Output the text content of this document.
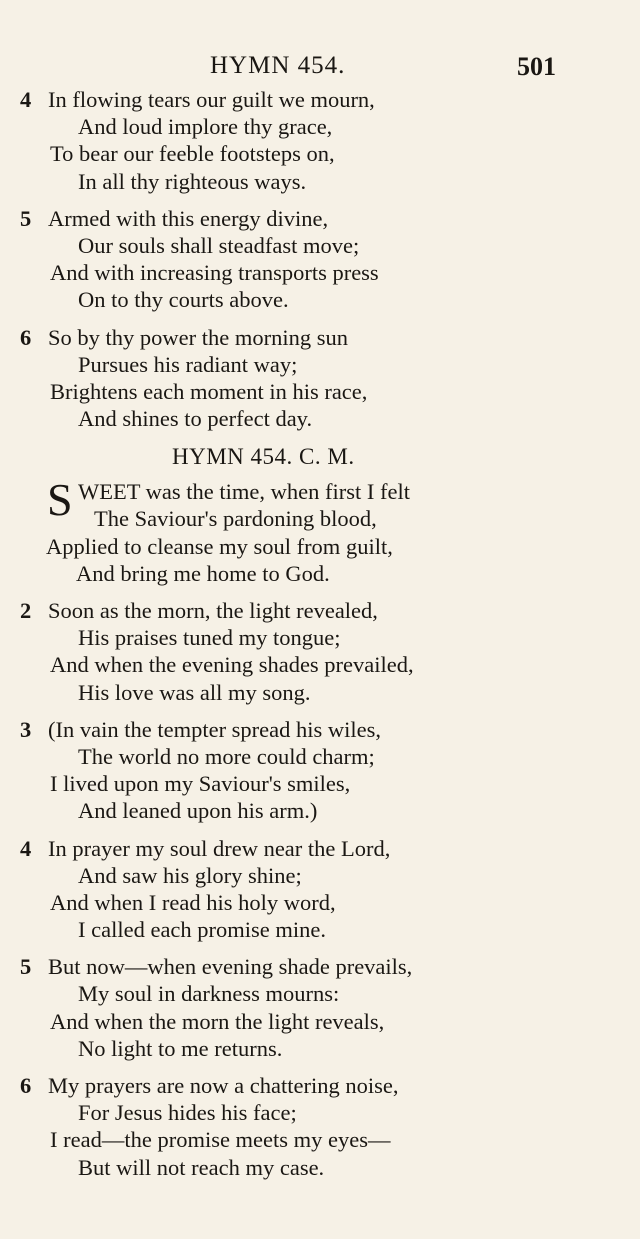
HYMN 454.	501
4 In flowing tears our guilt we mourn,
And loud implore thy grace,
To bear our feeble footsteps on,
In all thy righteous ways.
5 Armed with this energy divine,
Our souls shall steadfast move;
And with increasing transports press
On to thy courts above.
6 So by thy power the morning sun
Pursues his radiant way;
Brightens each moment in his race,
And shines to perfect day.
HYMN 454. C. M.
S WEET was the time, when first I felt
The Saviour's pardoning blood,
Applied to cleanse my soul from guilt,
And bring me home to God.
2 Soon as the morn, the light revealed,
His praises tuned my tongue;
And when the evening shades prevailed,
His love was all my song.
3 (In vain the tempter spread his wiles,
The world no more could charm;
I lived upon my Saviour's smiles,
And leaned upon his arm.)
4 In prayer my soul drew near the Lord,
And saw his glory shine;
And when I read his holy word,
I called each promise mine.
5 But now—when evening shade prevails,
My soul in darkness mourns:
And when the morn the light reveals,
No light to me returns.
6 My prayers are now a chattering noise,
For Jesus hides his face;
I read—the promise meets my eyes—
But will not reach my case.
